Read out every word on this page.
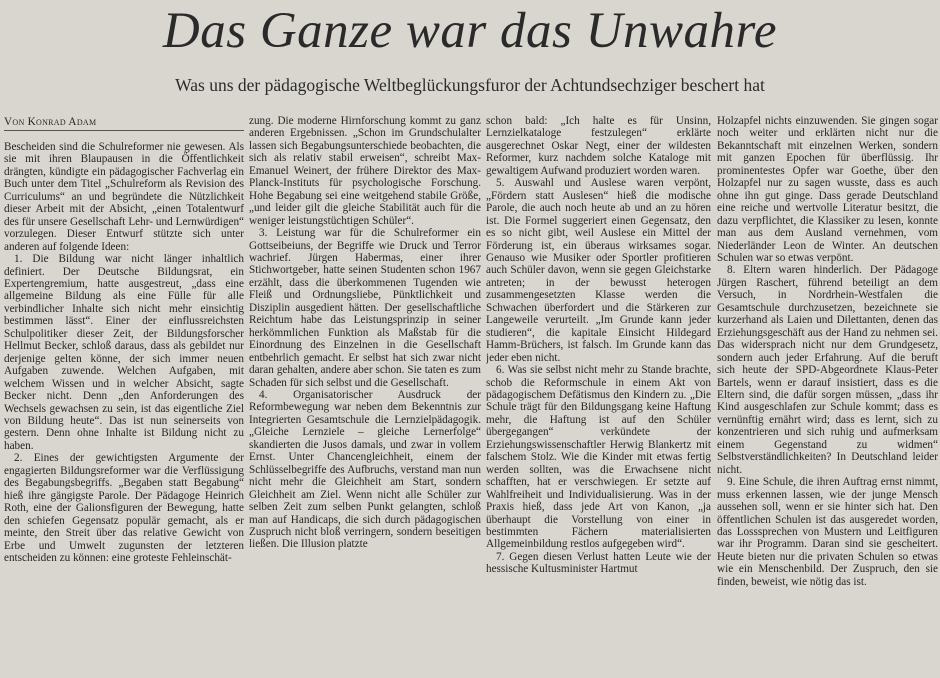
Das Ganze war das Unwahre
Was uns der pädagogische Weltbeglückungsfuror der Achtundsechziger beschert hat
Von Konrad Adam

Bescheiden sind die Schulreformer nie gewesen. Als sie mit ihren Blaupausen in die Öffentlichkeit drängten, kündigte ein pädagogischer Fachverlag ein Buch unter dem Titel „Schulreform als Revision des Curriculums“ an und begründete die Nützlichkeit dieser Arbeit mit der Absicht, „einen Totalentwurf des für unsere Gesellschaft Lehr- und Lernwürdigen“ vorzulegen. Dieser Entwurf stützte sich unter anderen auf folgende Ideen:

1. Die Bildung war nicht länger inhaltlich definiert. Der Deutsche Bildungsrat, ein Expertengremium, hatte ausgestreut, „dass eine allgemeine Bildung als eine Fülle für alle verbindlicher Inhalte sich nicht mehr einsichtig bestimmen lässt“. Einer der einflussreichsten Schulpolitiker dieser Zeit, der Bildungsforscher Hellmut Becker, schloß daraus, dass als gebildet nur derjenige gelten könne, der sich immer neuen Aufgaben zuwende. Welchen Aufgaben, mit welchem Wissen und in welcher Absicht, sagte Becker nicht. Denn „den Anforderungen des Wechsels gewachsen zu sein, ist das eigentliche Ziel von Bildung heute“. Das ist nun seinerseits von gestern. Denn ohne Inhalte ist Bildung nicht zu haben.

2. Eines der gewichtigsten Argumente der engagierten Bildungsreformer war die Verflüssigung des Begabungsbegriffs. „Begaben statt Begabung“ hieß ihre gängigste Parole. Der Pädagoge Heinrich Roth, eine der Galionsfiguren der Bewegung, hatte den schiefen Gegensatz populär gemacht, als er meinte, den Streit über das relative Gewicht von Erbe und Umwelt zugunsten der letzteren entscheiden zu können: eine groteste Fehleinschät-

zung. Die moderne Hirnforschung kommt zu ganz anderen Ergebnissen. „Schon im Grundschulalter lassen sich Begabungsunterschiede beobachten, die sich als relativ stabil erweisen“, schreibt Max-Emanuel Weinert, der frühere Direktor des Max-Planck-Instituts für psychologische Forschung. Hohe Begabung sei eine weitgehend stabile Größe, „und leider gilt die gleiche Stabilität auch für die weniger leistungstüchtigen Schüler“.

3. Leistung war für die Schulreformer ein Gottseibeiuns, der Begriffe wie Druck und Terror wachrief. Jürgen Habermas, einer ihrer Stichwortgeber, hatte seinen Studenten schon 1967 erzählt, dass die überkommenen Tugenden wie Fleiß und Ordnungsliebe, Pünktlichkeit und Disziplin ausgedient hätten. Der gesellschaftliche Reichtum habe das Leistungsprinzip in seiner herkömmlichen Funktion als Maßstab für die Einordnung des Einzelnen in die Gesellschaft entbehrlich gemacht. Er selbst hat sich zwar nicht daran gehalten, andere aber schon. Sie taten es zum Schaden für sich selbst und die Gesellschaft.

4. Organisatorischer Ausdruck der Reformbewegung war neben dem Bekenntnis zur Integrierten Gesamtschule die Lernzielpädagogik. „Gleiche Lernziele – gleiche Lernerfolge“ skandierten die Jusos damals, und zwar in vollem Ernst. Unter Chancengleichheit, einem der Schlüsselbegriffe des Aufbruchs, verstand man nun nicht mehr die Gleichheit am Start, sondern Gleichheit am Ziel. Wenn nicht alle Schüler zur selben Zeit zum selben Punkt gelangten, schloß man auf Handicaps, die sich durch pädagogischen Zuspruch nicht bloß verringern, sondern beseitigen ließen. Die Illusion platzte

schon bald: „Ich halte es für Unsinn, Lernzielkataloge festzulegen“ erklärte ausgerechnet Oskar Negt, einer der wildesten Reformer, kurz nachdem solche Kataloge mit gewaltigem Aufwand produziert worden waren.

5. Auswahl und Auslese waren verpönt, „Fördern statt Auslesen“ hieß die modische Parole, die auch noch heute ab und an zu hören ist. Die Formel suggeriert einen Gegensatz, den es so nicht gibt, weil Auslese ein Mittel der Förderung ist, ein überaus wirksames sogar. Genauso wie Musiker oder Sportler profitieren auch Schüler davon, wenn sie gegen Gleichstarke antreten; in der bewusst heterogen zusammengesetzten Klasse werden die Schwachen überfordert und die Stärkeren zur Langeweile verurteilt. „Im Grunde kann jeder studieren“, die kapitale Einsicht Hildegard Hamm-Brüchers, ist falsch. Im Grunde kann das jeder eben nicht.

6. Was sie selbst nicht mehr zu Stande brachte, schob die Reformschule in einem Akt von pädagogischem Defätismus den Kindern zu. „Die Schule trägt für den Bildungsgang keine Haftung mehr, die Haftung ist auf den Schüler übergegangen“ verkündete der Erziehungswissenschaftler Herwig Blankertz mit falschem Stolz. Wie die Kinder mit etwas fertig werden sollten, was die Erwachsene nicht schafften, hat er verschwiegen. Er setzte auf Wahlfreiheit und Individualisierung. Was in der Praxis hieß, dass jede Art von Kanon, „ja überhaupt die Vorstellung von einer in bestimmten Fächern materialisierten Allgemeinbildung restlos aufgegeben wird“.

7. Gegen diesen Verlust hatten Leute wie der hessische Kultusminister Hartmut

Holzapfel nichts einzuwenden. Sie gingen sogar noch weiter und erklärten nicht nur die Bekanntschaft mit einzelnen Werken, sondern mit ganzen Epochen für überflüssig. Ihr prominentestes Opfer war Goethe, über den Holzapfel nur zu sagen wusste, dass es auch ohne ihn gut ginge. Dass gerade Deutschland eine reiche und wertvolle Literatur besitzt, die dazu verpflichtet, die Klassiker zu lesen, konnte man aus dem Ausland vernehmen, vom Niederländer Leon de Winter. An deutschen Schulen war so etwas verpönt.

8. Eltern waren hinderlich. Der Pädagoge Jürgen Raschert, führend beteiligt an dem Versuch, in Nordrhein-Westfalen die Gesamtschule durchzusetzen, bezeichnete sie kurzerhand als Laien und Dilettanten, denen das Erziehungsgeschäft aus der Hand zu nehmen sei. Das widersprach nicht nur dem Grundgesetz, sondern auch jeder Erfahrung. Auf die beruft sich heute der SPD-Abgeordnete Klaus-Peter Bartels, wenn er darauf insistiert, dass es die Eltern sind, die dafür sorgen müssen, „dass ihr Kind ausgeschlafen zur Schule kommt; dass es vernünftig ernährt wird; dass es lernt, sich zu konzentrieren und sich ruhig und aufmerksam einem Gegenstand zu widmen“ Selbstverständlichkeiten? In Deutschland leider nicht.

9. Eine Schule, die ihren Auftrag ernst nimmt, muss erkennen lassen, wie der junge Mensch aussehen soll, wenn er sie hinter sich hat. Den öffentlichen Schulen ist das ausgeredet worden, das Losssprechen von Mustern und Leitfiguren war ihr Programm. Daran sind sie gescheitert. Heute bieten nur die privaten Schulen so etwas wie ein Menschenbild. Der Zuspruch, den sie finden, beweist, wie nötig das ist.
